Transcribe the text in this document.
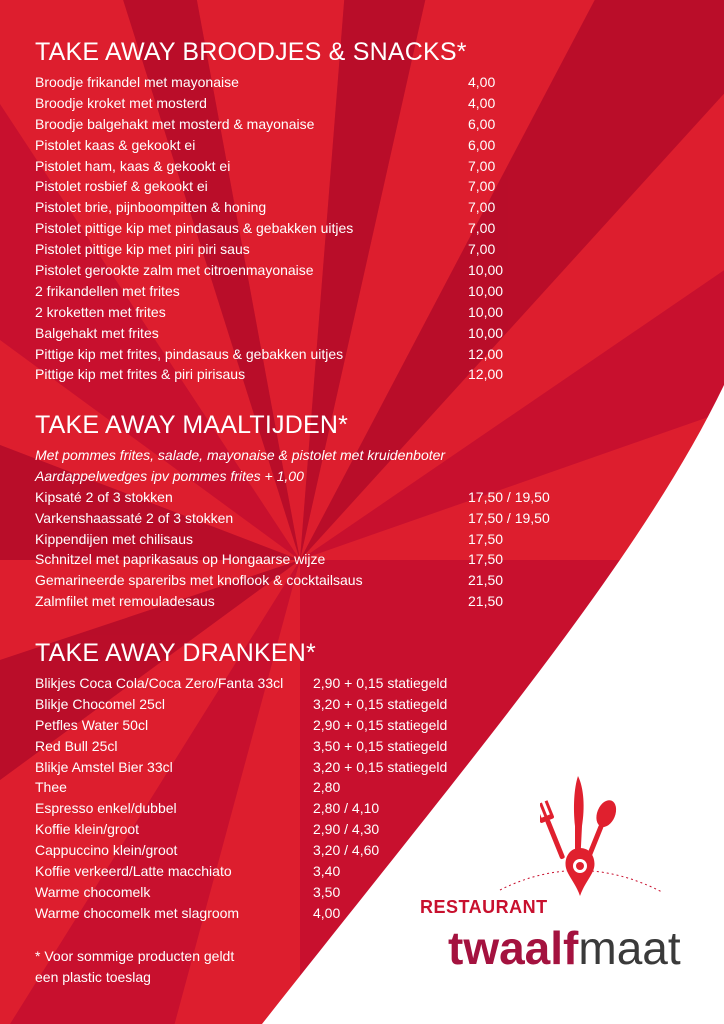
TAKE AWAY BROODJES & SNACKS*
Broodje frikandel met mayonaise	4,00
Broodje kroket met mosterd	4,00
Broodje balgehakt met mosterd & mayonaise	6,00
Pistolet kaas & gekookt ei	6,00
Pistolet ham, kaas & gekookt ei	7,00
Pistolet rosbief & gekookt ei	7,00
Pistolet brie, pijnboompitten & honing	7,00
Pistolet pittige kip met pindasaus & gebakken uitjes	7,00
Pistolet pittige kip met piri piri saus	7,00
Pistolet gerookte zalm met citroenmayonaise	10,00
2 frikandellen met frites	10,00
2 kroketten met frites	10,00
Balgehakt met frites	10,00
Pittige kip met frites, pindasaus & gebakken uitjes	12,00
Pittige kip met frites & piri pirisaus	12,00
TAKE AWAY MAALTIJDEN*
Met pommes frites, salade, mayonaise & pistolet met kruidenboter
Aardappelwedges ipv pommes frites + 1,00
Kipsaté 2 of 3 stokken	17,50 / 19,50
Varkenshaassaté 2 of 3 stokken	17,50 / 19,50
Kippendijen met chilisaus	17,50
Schnitzel met paprikasaus op Hongaarse wijze	17,50
Gemarineerde spareribs met knoflook & cocktailsaus	21,50
Zalmfilet met remouladesaus	21,50
TAKE AWAY DRANKEN*
Blikjes Coca Cola/Coca Zero/Fanta 33cl 2,90 + 0,15 statiegeld
Blikje Chocomel 25cl	3,20 + 0,15 statiegeld
Petfles Water 50cl	2,90 + 0,15 statiegeld
Red Bull 25cl	3,50 + 0,15 statiegeld
Blikje Amstel Bier 33cl	3,20 + 0,15 statiegeld
Thee	2,80
Espresso enkel/dubbel	2,80 / 4,10
Koffie klein/groot	2,90 / 4,30
Cappuccino klein/groot	3,20 / 4,60
Koffie verkeerd/Latte macchiato	3,40
Warme chocomelk	3,50
Warme chocomelk met slagroom	4,00
* Voor sommige producten geldt
een plastic toeslag
RESTAURANT
twaalfmaat
